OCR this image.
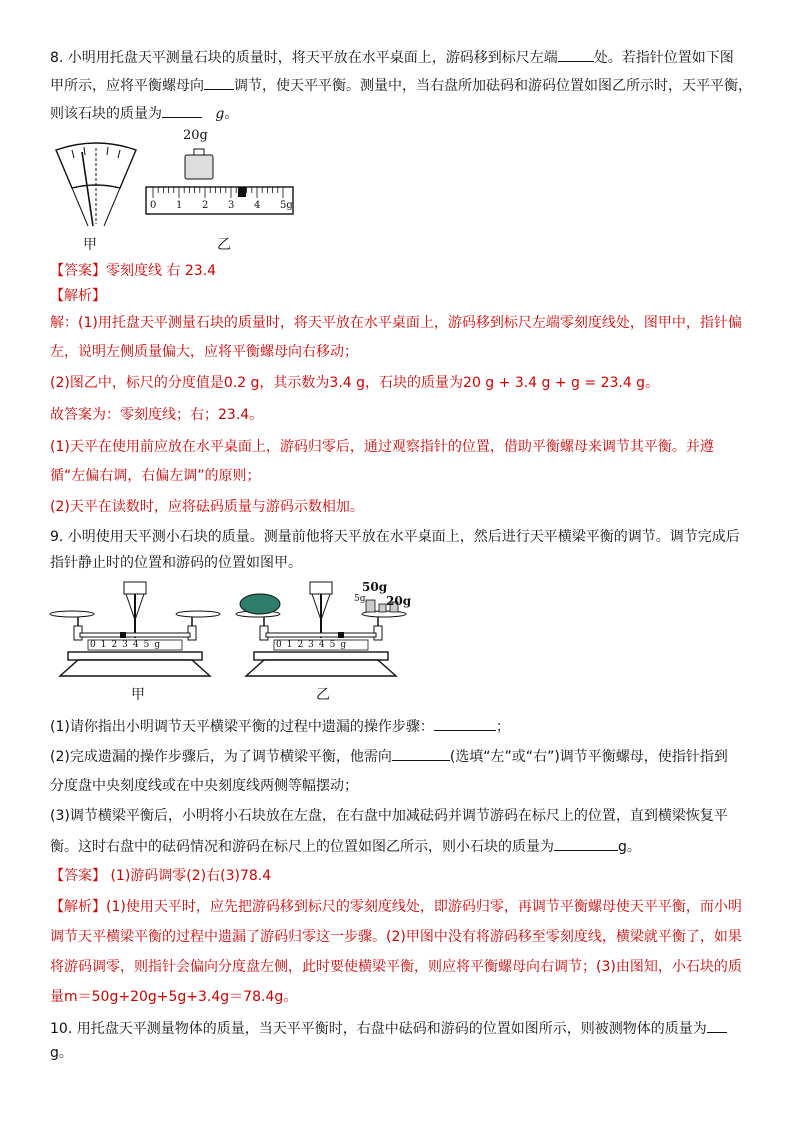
8. 小明用托盘天平测量石块的质量时，将天平放在水平桌面上，游码移到标尺左端	处。若指针位置如下图
甲所示，应将平衡螺母向 调节，使天平平衡。测量中，当右盘所加砝码和游码位置如图乙所示时，天平平衡，
则该石块的质量为	g。
甲
20g
0 1 2 3 4 5g
乙
【答案】零刻度线 右 23.4
【解析】
解：(1)用托盘天平测量石块的质量时，将天平放在水平桌面上，游码移到标尺左端零刻度线处，图甲中，指针偏
左，说明左侧质量偏大，应将平衡螺母向右移动；
(2)图乙中，标尺的分度值是0.2 g，其示数为3.4 g，石块的质量为20 g + 3.4 g + g = 23.4 g。
故答案为：零刻度线；右；23.4。
(1)天平在使用前应放在水平桌面上，游码归零后，通过观察指针的位置，借助平衡螺母来调节其平衡。并遵
循“左偏右调，右偏左调”的原则；
(2)天平在读数时，应将砝码质量与游码示数相加。
9. 小明使用天平测小石块的质量。测量前他将天平放在水平桌面上，然后进行天平横梁平衡的调节。调节完成后
指针静止时的位置和游码的位置如图甲。
012345g
甲
50g
5g 20g
012345g
乙
(1)请你指出小明调节天平横梁平衡的过程中遗漏的操作步骤：	；
(2)完成遗漏的操作步骤后，为了调节横梁平衡，他需向	(选填“左”或“右”)调节平衡螺母，使指针指到
分度盘中央刻度线或在中央刻度线两侧等幅摆动；
(3)调节横梁平衡后，小明将小石块放在左盘，在右盘中加减砝码并调节游码在标尺上的位置，直到横梁恢复平
衡。这时右盘中的砝码情况和游码在标尺上的位置如图乙所示，则小石块的质量为	g。
【答案】 (1)游码调零(2)右(3)78.4
【解析】(1)使用天平时，应先把游码移到标尺的零刻度线处，即游码归零，再调节平衡螺母使天平平衡，而小明
调节天平横梁平衡的过程中遗漏了游码归零这一步骤。(2)甲图中没有将游码移至零刻度线，横梁就平衡了，如果
将游码调零，则指针会偏向分度盘左侧，此时要使横梁平衡，则应将平衡螺母向右调节；(3)由图知，小石块的质
量m＝50g+20g+5g+3.4g＝78.4g。
10. 用托盘天平测量物体的质量，当天平平衡时，右盘中砝码和游码的位置如图所示，则被测物体的质量为
g。
